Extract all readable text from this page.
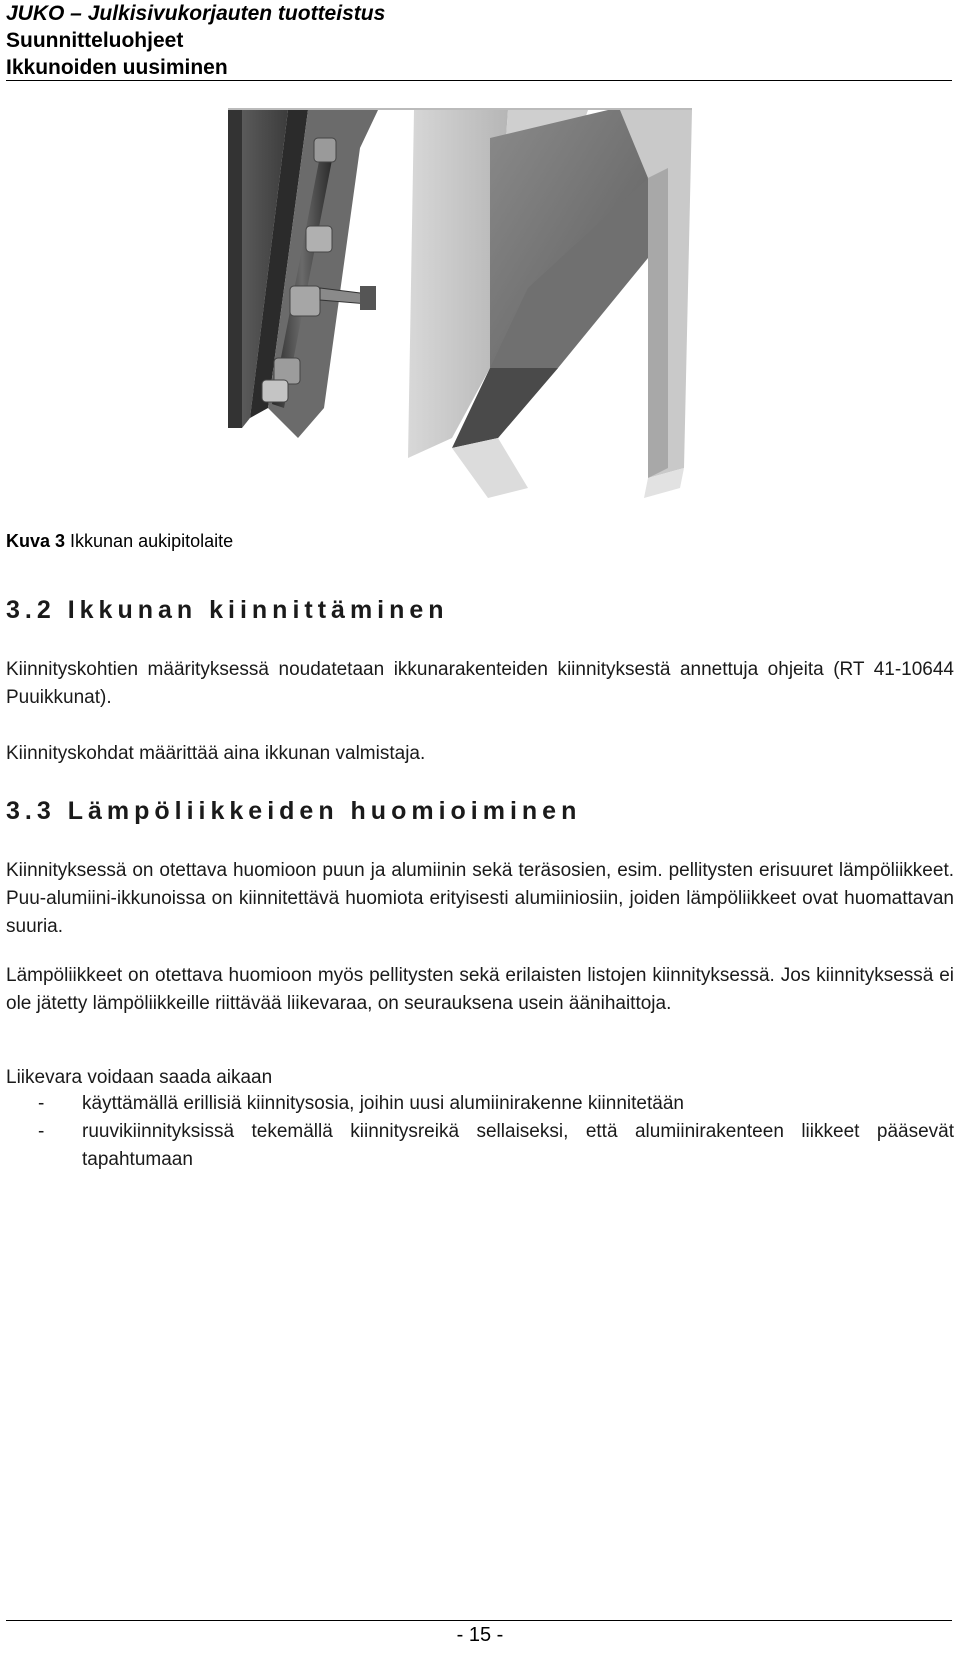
JUKO – Julkisivukorjauten tuotteistus
Suunnitteluohjeet
Ikkunoiden uusiminen
Kuva 3 Ikkunan aukipitolaite
3.2 Ikkunan kiinnittäminen
Kiinnityskohtien määrityksessä noudatetaan ikkunarakenteiden kiinnityksestä annettuja ohjeita (RT 41-10644 Puuikkunat).
Kiinnityskohdat määrittää aina ikkunan valmistaja.
3.3 Lämpöliikkeiden huomioiminen
Kiinnityksessä on otettava huomioon puun ja alumiinin sekä teräsosien, esim. pellitysten erisuuret lämpöliikkeet. Puu-alumiini-ikkunoissa on kiinnitettävä huomiota erityisesti alumiiniosiin, joiden lämpöliikkeet ovat huomattavan suuria.
Lämpöliikkeet on otettava huomioon myös pellitysten sekä erilaisten listojen kiinnityksessä. Jos kiinnityksessä ei ole jätetty lämpöliikkeille riittävää liikevaraa, on seurauksena usein äänihaittoja.
Liikevara voidaan saada aikaan
-	käyttämällä erillisiä kiinnitysosia, joihin uusi alumiinirakenne kiinnitetään
-	ruuvikiinnityksissä tekemällä kiinnitysreikä sellaiseksi, että alumiinirakenteen liikkeet pääsevät tapahtumaan
- 15 -
